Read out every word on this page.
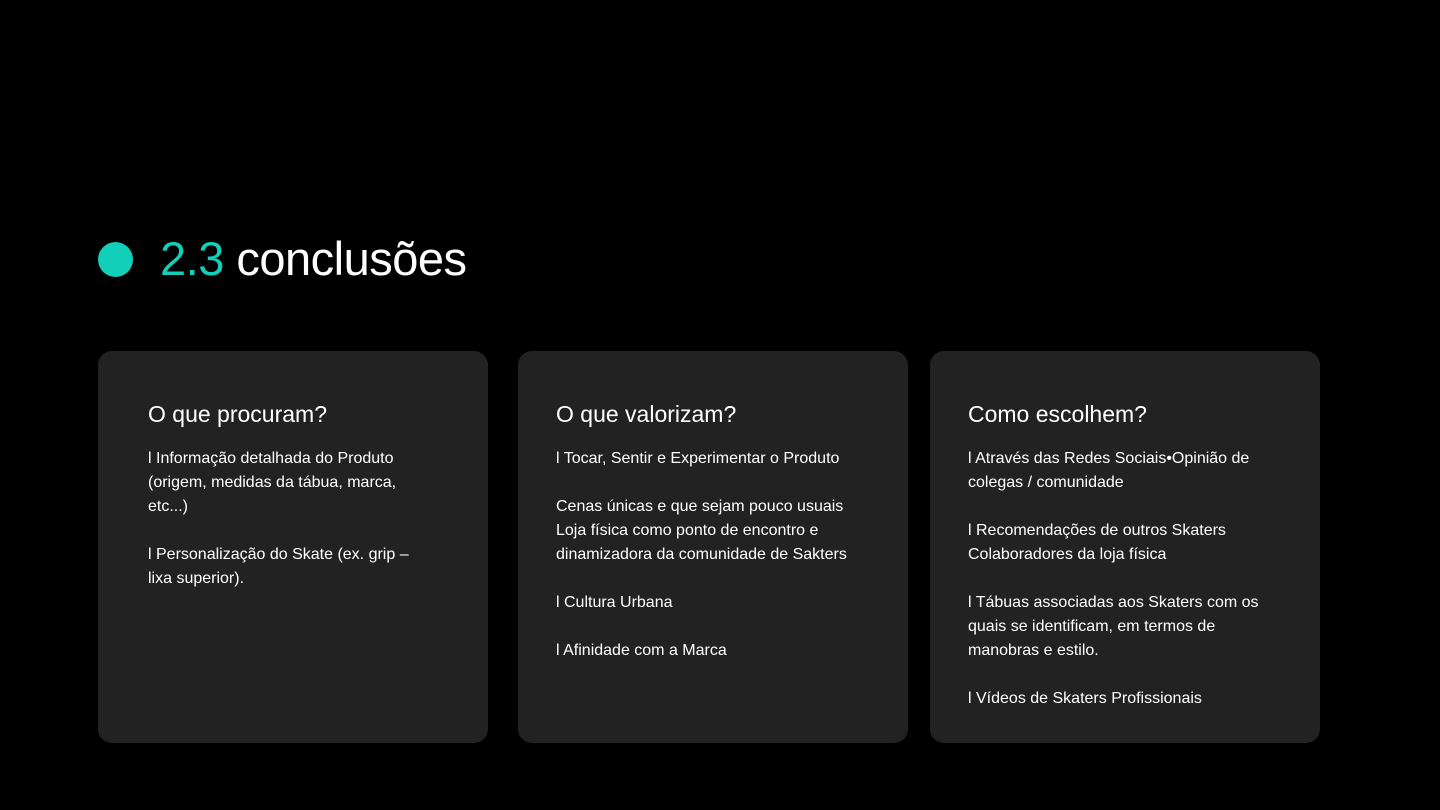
2.3 conclusões
O que procuram?

l Informação detalhada do Produto
(origem, medidas da tábua, marca,
etc...)

l Personalização do Skate (ex. grip –
lixa superior).

O que valorizam?

l Tocar, Sentir e Experimentar o Produto

Cenas únicas e que sejam pouco usuais
Loja física como ponto de encontro e
dinamizadora da comunidade de Sakters

l Cultura Urbana

l Afinidade com a Marca

Como escolhem?

l Através das Redes Sociais•Opinião de
colegas / comunidade

l Recomendações de outros Skaters
Colaboradores da loja física

l Tábuas associadas aos Skaters com os
quais se identificam, em termos de
manobras e estilo.

l Vídeos de Skaters Profissionais
